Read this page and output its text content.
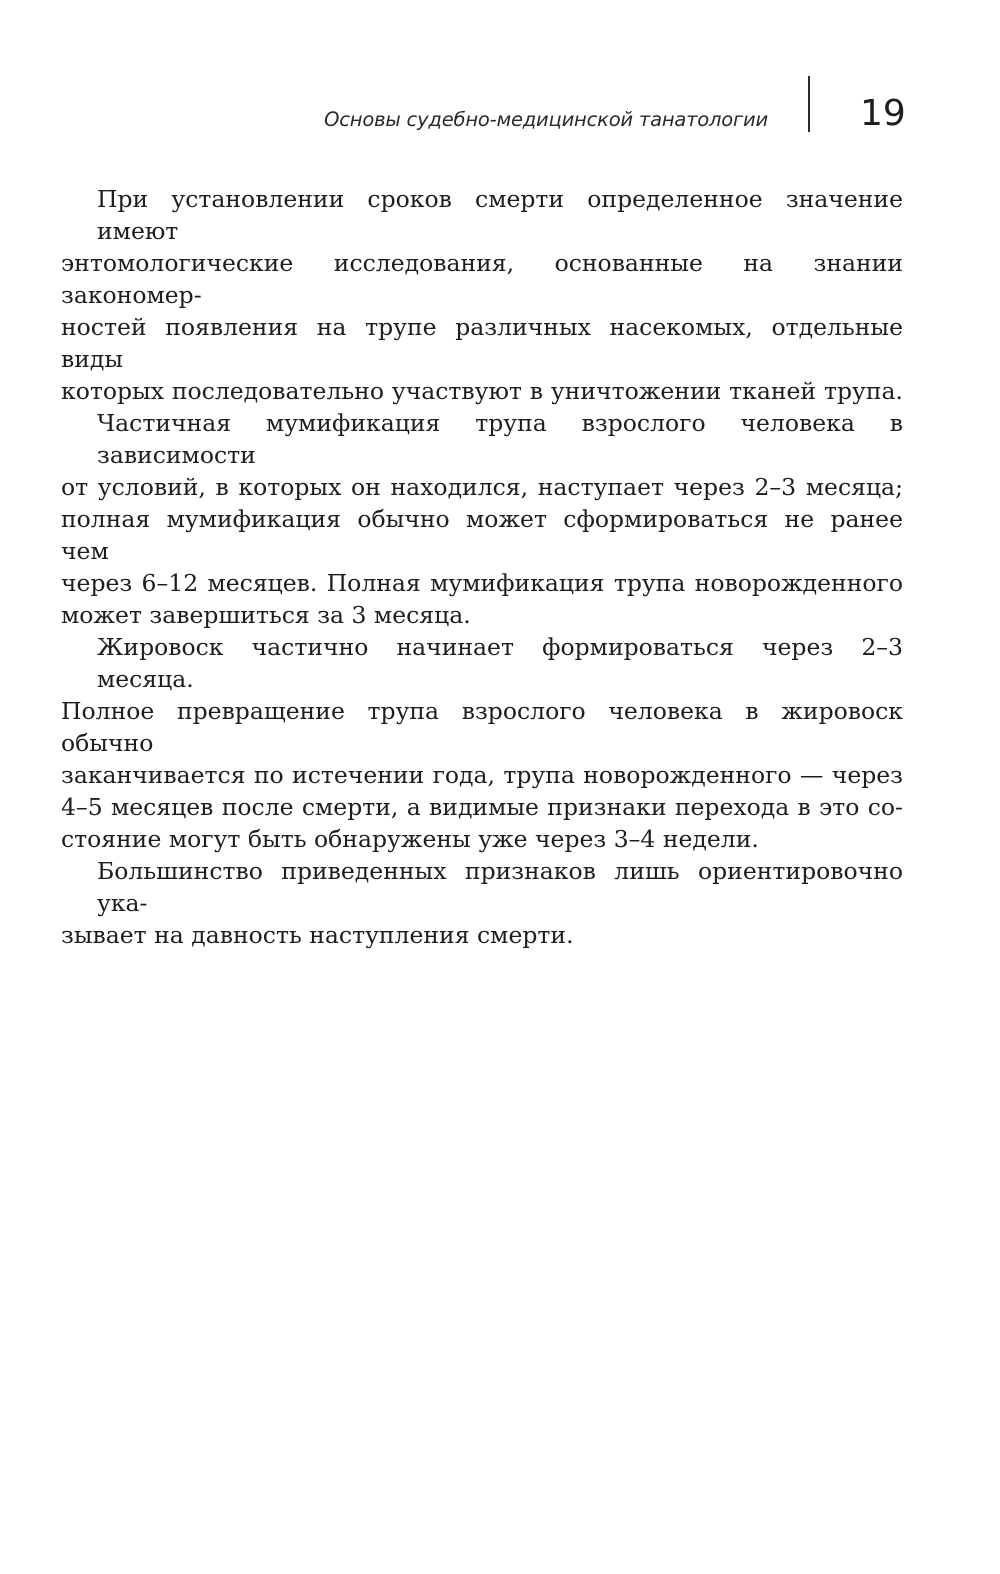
Основы судебно-медицинской танатологии	19
При установлении сроков смерти определенное значение имеют
энтомологические исследования, основанные на знании закономер-
ностей появления на трупе различных насекомых, отдельные виды
которых последовательно участвуют в уничтожении тканей трупа.
Частичная мумификация трупа взрослого человека в зависимости
от условий, в которых он находился, наступает через 2–3 месяца;
полная мумификация обычно может сформироваться не ранее чем
через 6–12 месяцев. Полная мумификация трупа новорожденного
может завершиться за 3 месяца.
Жировоск частично начинает формироваться через 2–3 месяца.
Полное превращение трупа взрослого человека в жировоск обычно
заканчивается по истечении года, трупа новорожденного — через
4–5 месяцев после смерти, а видимые признаки перехода в это со-
стояние могут быть обнаружены уже через 3–4 недели.
Большинство приведенных признаков лишь ориентировочно ука-
зывает на давность наступления смерти.
